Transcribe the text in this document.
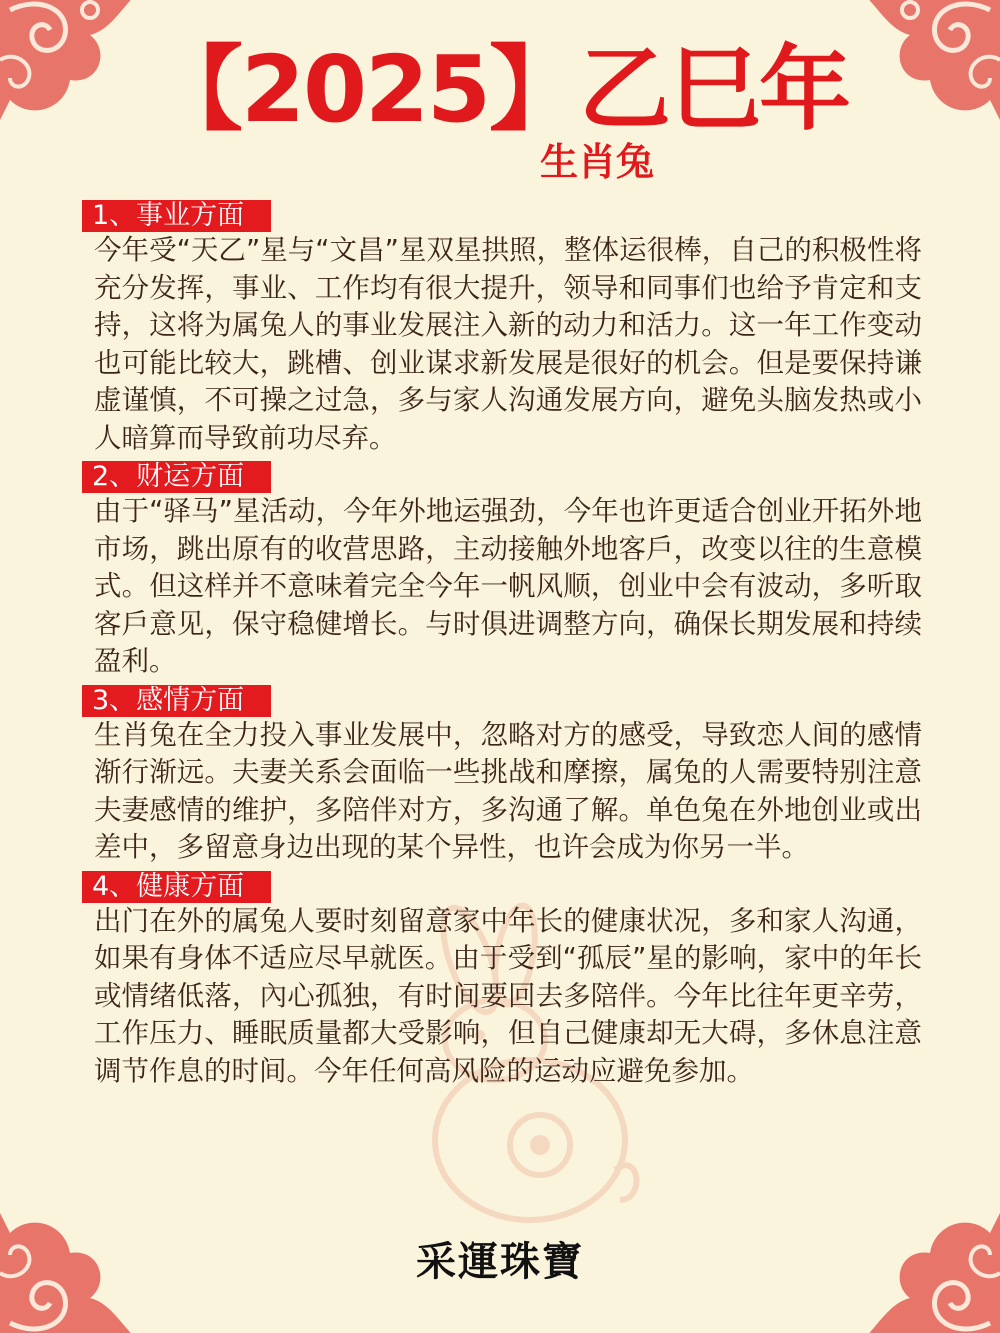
【2025】乙巳年
生肖兔
1、事业方面
今年受“天乙”星与“文昌”星双星拱照，整体运很棒，自己的积极性将充分发挥，事业、工作均有很大提升，领导和同事们也给予肯定和支持，这将为属兔人的事业发展注入新的动力和活力。这一年工作变动也可能比较大，跳槽、创业谋求新发展是很好的机会。但是要保持谦虚谨慎，不可操之过急，多与家人沟通发展方向，避免头脑发热或小人暗算而导致前功尽弃。
2、财运方面
由于“驿马”星活动，今年外地运强劲，今年也许更适合创业开拓外地市场，跳出原有的收营思路，主动接触外地客戶，改变以往的生意模式。但这样并不意味着完全今年一帆风顺，创业中会有波动，多听取客戶意见，保守稳健增长。与时俱进调整方向，确保长期发展和持续盈利。
3、感情方面
生肖兔在全力投入事业发展中，忽略对方的感受，导致恋人间的感情渐行渐远。夫妻关系会面临一些挑战和摩擦，属兔的人需要特别注意夫妻感情的维护，多陪伴对方，多沟通了解。单色兔在外地创业或出差中，多留意身边出现的某个异性，也许会成为你另一半。
4、健康方面
出门在外的属兔人要时刻留意家中年长的健康状况，多和家人沟通，如果有身体不适应尽早就医。由于受到“孤辰”星的影响，家中的年长或情绪低落，內心孤独，有时间要回去多陪伴。今年比往年更辛劳，工作压力、睡眠质量都大受影响，但自己健康却无大碍，多休息注意调节作息的时间。今年任何高风险的运动应避免参加。
采運珠寶
